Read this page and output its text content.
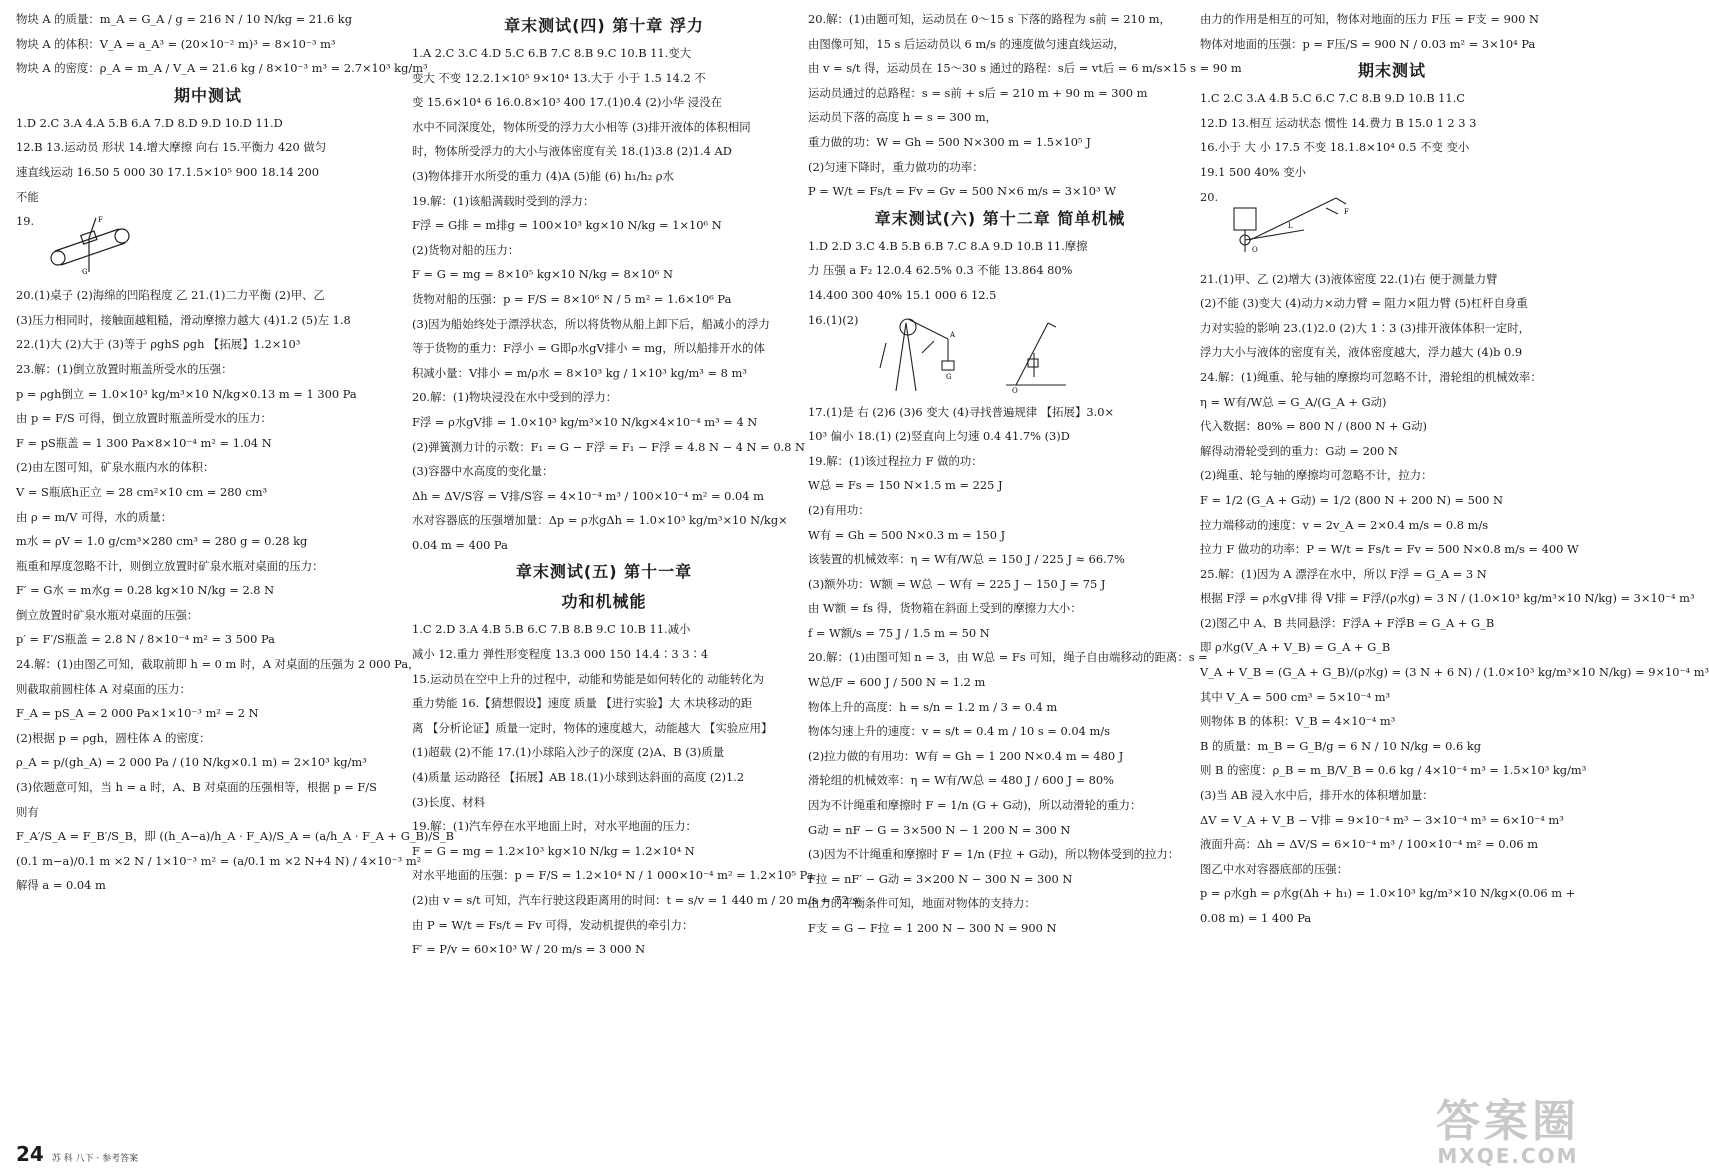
物块 A 的质量：m_A = G_A / g = 216 N / 10 N/kg = 21.6 kg
物块 A 的体积：V_A = a_A³ = (20×10⁻² m)³ = 8×10⁻³ m³
物块 A 的密度：ρ_A = m_A / V_A = 21.6 kg / 8×10⁻³ m³ = 2.7×10³ kg/m³
期中测试
1.D 2.C 3.A 4.A 5.B 6.A 7.D 8.D 9.D 10.D 11.D
12.B 13.运动员 形状 14.增大摩擦 向右 15.平衡力 420 做匀
速直线运动 16.50 5 000 30 17.1.5×10⁵ 900 18.14 200
不能
19.	F
G
20.(1)桌子 (2)海绵的凹陷程度 乙 21.(1)二力平衡 (2)甲、乙
(3)压力相同时，接触面越粗糙，滑动摩擦力越大 (4)1.2 (5)左 1.8
22.(1)大 (2)大于 (3)等于 ρghS ρgh 【拓展】1.2×10³
23.解：(1)倒立放置时瓶盖所受水的压强：
p = ρgh倒立 = 1.0×10³ kg/m³×10 N/kg×0.13 m = 1 300 Pa
由 p = F/S 可得，倒立放置时瓶盖所受水的压力：
F = pS瓶盖 = 1 300 Pa×8×10⁻⁴ m² = 1.04 N
(2)由左图可知，矿泉水瓶内水的体积：
V = S瓶底h正立 = 28 cm²×10 cm = 280 cm³
由 ρ = m/V 可得，水的质量：
m水 = ρV = 1.0 g/cm³×280 cm³ = 280 g = 0.28 kg
瓶重和厚度忽略不计，则倒立放置时矿泉水瓶对桌面的压力：
F′ = G水 = m水g = 0.28 kg×10 N/kg = 2.8 N
倒立放置时矿泉水瓶对桌面的压强：
p′ = F′/S瓶盖 = 2.8 N / 8×10⁻⁴ m² = 3 500 Pa
24.解：(1)由图乙可知，截取前即 h = 0 m 时，A 对桌面的压强为 2 000 Pa，
则截取前圆柱体 A 对桌面的压力：
F_A = pS_A = 2 000 Pa×1×10⁻³ m² = 2 N
(2)根据 p = ρgh，圆柱体 A 的密度：
ρ_A = p/(gh_A) = 2 000 Pa / (10 N/kg×0.1 m) = 2×10³ kg/m³
(3)依题意可知，当 h = a 时，A、B 对桌面的压强相等，根据 p = F/S
则有
F_A′/S_A = F_B′/S_B，即 ((h_A−a)/h_A · F_A)/S_A = (a/h_A · F_A + G_B)/S_B
(0.1 m−a)/0.1 m ×2 N / 1×10⁻³ m² = (a/0.1 m ×2 N+4 N) / 4×10⁻³ m²
解得 a = 0.04 m
章末测试(四) 第十章 浮力
1.A 2.C 3.C 4.D 5.C 6.B 7.C 8.B 9.C 10.B 11.变大
变大 不变 12.2.1×10⁵ 9×10⁴ 13.大于 小于 1.5 14.2 不
变 15.6×10⁴ 6 16.0.8×10³ 400 17.(1)0.4 (2)小华 浸没在
水中不同深度处，物体所受的浮力大小相等 (3)排开液体的体积相同
时，物体所受浮力的大小与液体密度有关 18.(1)3.8 (2)1.4 AD
(3)物体排开水所受的重力 (4)A (5)能 (6) h₁/h₂ ρ水
19.解：(1)该船满载时受到的浮力：
F浮 = G排 = m排g = 100×10³ kg×10 N/kg = 1×10⁶ N
(2)货物对船的压力：
F = G = mg = 8×10⁵ kg×10 N/kg = 8×10⁶ N
货物对船的压强：p = F/S = 8×10⁶ N / 5 m² = 1.6×10⁶ Pa
(3)因为船始终处于漂浮状态，所以将货物从船上卸下后，船减小的浮力
等于货物的重力：F浮小 = G即ρ水gV排小 = mg，所以船排开水的体
积减小量：V排小 = m/ρ水 = 8×10³ kg / 1×10³ kg/m³ = 8 m³
20.解：(1)物块浸没在水中受到的浮力：
F浮 = ρ水gV排 = 1.0×10³ kg/m³×10 N/kg×4×10⁻⁴ m³ = 4 N
(2)弹簧测力计的示数：F₁ = G − F浮 = F₁ − F浮 = 4.8 N − 4 N = 0.8 N
(3)容器中水高度的变化量：
Δh = ΔV/S容 = V排/S容 = 4×10⁻⁴ m³ / 100×10⁻⁴ m² = 0.04 m
水对容器底的压强增加量：Δp = ρ水gΔh = 1.0×10³ kg/m³×10 N/kg×
0.04 m = 400 Pa
章末测试(五) 第十一章
功和机械能
1.C 2.D 3.A 4.B 5.B 6.C 7.B 8.B 9.C 10.B 11.减小
减小 12.重力 弹性形变程度 13.3 000 150 14.4∶3 3∶4
15.运动员在空中上升的过程中，动能和势能是如何转化的 动能转化为
重力势能 16.【猜想假设】速度 质量 【进行实验】大 木块移动的距
离 【分析论证】质量一定时，物体的速度越大，动能越大 【实验应用】
(1)超载 (2)不能 17.(1)小球陷入沙子的深度 (2)A、B (3)质量
(4)质量 运动路径 【拓展】AB 18.(1)小球到达斜面的高度 (2)1.2
(3)长度、材料
19.解：(1)汽车停在水平地面上时，对水平地面的压力：
F = G = mg = 1.2×10³ kg×10 N/kg = 1.2×10⁴ N
对水平地面的压强：p = F/S = 1.2×10⁴ N / 1 000×10⁻⁴ m² = 1.2×10⁵ Pa
(2)由 v = s/t 可知，汽车行驶这段距离用的时间：t = s/v = 1 440 m / 20 m/s = 72 s
由 P = W/t = Fs/t = Fv 可得，发动机提供的牵引力：
F′ = P/v = 60×10³ W / 20 m/s = 3 000 N
20.解：(1)由题可知，运动员在 0～15 s 下落的路程为 s前 = 210 m，
由图像可知，15 s 后运动员以 6 m/s 的速度做匀速直线运动，
由 v = s/t 得，运动员在 15～30 s 通过的路程：s后 = vt后 = 6 m/s×15 s = 90 m
运动员通过的总路程：s = s前 + s后 = 210 m + 90 m = 300 m
运动员下落的高度 h = s = 300 m，
重力做的功：W = Gh = 500 N×300 m = 1.5×10⁵ J
(2)匀速下降时，重力做功的功率：
P = W/t = Fs/t = Fv = Gv = 500 N×6 m/s = 3×10³ W
章末测试(六) 第十二章 简单机械
1.D 2.D 3.C 4.B 5.B 6.B 7.C 8.A 9.D 10.B 11.摩擦
力 压强 a F₂ 12.0.4 62.5% 0.3 不能 13.864 80%
14.400 300 40% 15.1 000 6 12.5
16.(1)(2)
A
G
O
17.(1)是 右 (2)6 (3)6 变大 (4)寻找普遍规律 【拓展】3.0×
10³ 偏小 18.(1) (2)竖直向上匀速 0.4 41.7% (3)D
19.解：(1)该过程拉力 F 做的功：
W总 = Fs = 150 N×1.5 m = 225 J
(2)有用功：
W有 = Gh = 500 N×0.3 m = 150 J
该装置的机械效率：η = W有/W总 = 150 J / 225 J ≈ 66.7%
(3)额外功：W额 = W总 − W有 = 225 J − 150 J = 75 J
由 W额 = fs 得，货物箱在斜面上受到的摩擦力大小：
f = W额/s = 75 J / 1.5 m = 50 N
20.解：(1)由图可知 n = 3，由 W总 = Fs 可知，绳子自由端移动的距离：s =
W总/F = 600 J / 500 N = 1.2 m
物体上升的高度：h = s/n = 1.2 m / 3 = 0.4 m
物体匀速上升的速度：v = s/t = 0.4 m / 10 s = 0.04 m/s
(2)拉力做的有用功：W有 = Gh = 1 200 N×0.4 m = 480 J
滑轮组的机械效率：η = W有/W总 = 480 J / 600 J = 80%
因为不计绳重和摩擦时 F = 1/n (G + G动)，所以动滑轮的重力：
G动 = nF − G = 3×500 N − 1 200 N = 300 N
(3)因为不计绳重和摩擦时 F = 1/n (F拉 + G动)，所以物体受到的拉力：
F拉 = nF′ − G动 = 3×200 N − 300 N = 300 N
由力的平衡条件可知，地面对物体的支持力：
F支 = G − F拉 = 1 200 N − 300 N = 900 N
由力的作用是相互的可知，物体对地面的压力 F压 = F支 = 900 N
物体对地面的压强：p = F压/S = 900 N / 0.03 m² = 3×10⁴ Pa
期末测试
1.C 2.C 3.A 4.B 5.C 6.C 7.C 8.B 9.D 10.B 11.C
12.D 13.相互 运动状态 惯性 14.费力 B 15.0 1 2 3 3
16.小于 大 小 17.5 不变 18.1.8×10⁴ 0.5 不变 变小
19.1 500 40% 变小
20.
O
F
L
21.(1)甲、乙 (2)增大 (3)液体密度 22.(1)右 便于测量力臂
(2)不能 (3)变大 (4)动力×动力臂 = 阻力×阻力臂 (5)杠杆自身重
力对实验的影响 23.(1)2.0 (2)大 1∶3 (3)排开液体体积一定时，
浮力大小与液体的密度有关，液体密度越大，浮力越大 (4)b 0.9
24.解：(1)绳重、轮与轴的摩擦均可忽略不计，滑轮组的机械效率：
η = W有/W总 = G_A/(G_A + G动)
代入数据：80% = 800 N / (800 N + G动)
解得动滑轮受到的重力：G动 = 200 N
(2)绳重、轮与轴的摩擦均可忽略不计，拉力：
F = 1/2 (G_A + G动) = 1/2 (800 N + 200 N) = 500 N
拉力端移动的速度：v = 2v_A = 2×0.4 m/s = 0.8 m/s
拉力 F 做功的功率：P = W/t = Fs/t = Fv = 500 N×0.8 m/s = 400 W
25.解：(1)因为 A 漂浮在水中，所以 F浮 = G_A = 3 N
根据 F浮 = ρ水gV排 得 V排 = F浮/(ρ水g) = 3 N / (1.0×10³ kg/m³×10 N/kg) = 3×10⁻⁴ m³
(2)图乙中 A、B 共同悬浮：F浮A + F浮B = G_A + G_B
即 ρ水g(V_A + V_B) = G_A + G_B
V_A + V_B = (G_A + G_B)/(ρ水g) = (3 N + 6 N) / (1.0×10³ kg/m³×10 N/kg) = 9×10⁻⁴ m³
其中 V_A = 500 cm³ = 5×10⁻⁴ m³
则物体 B 的体积：V_B = 4×10⁻⁴ m³
B 的质量：m_B = G_B/g = 6 N / 10 N/kg = 0.6 kg
则 B 的密度：ρ_B = m_B/V_B = 0.6 kg / 4×10⁻⁴ m³ = 1.5×10³ kg/m³
(3)当 AB 浸入水中后，排开水的体积增加量：
ΔV = V_A + V_B − V排 = 9×10⁻⁴ m³ − 3×10⁻⁴ m³ = 6×10⁻⁴ m³
液面升高：Δh = ΔV/S = 6×10⁻⁴ m³ / 100×10⁻⁴ m² = 0.06 m
图乙中水对容器底部的压强：
p = ρ水gh = ρ水g(Δh + h₁) = 1.0×10³ kg/m³×10 N/kg×(0.06 m +
0.08 m) = 1 400 Pa
24 苏 科 八下 · 参考答案
答案圈
MXQE.COM
